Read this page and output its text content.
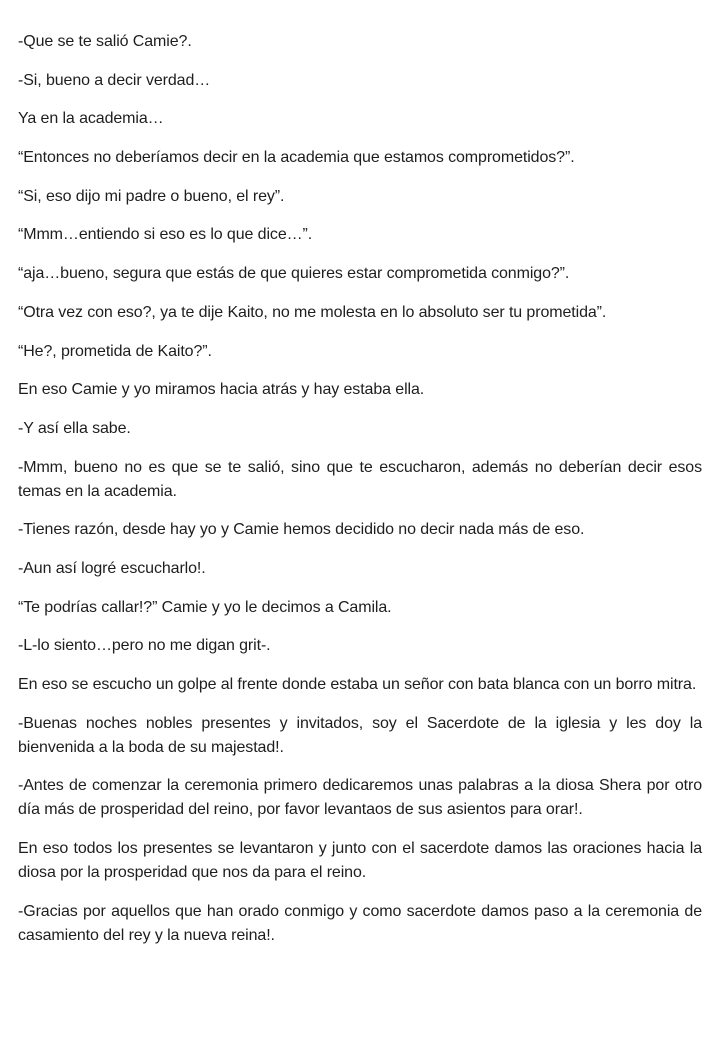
-Que se te salió Camie?.

-Si, bueno a decir verdad…

Ya en la academia…

“Entonces no deberíamos decir en la academia que estamos comprometidos?”.

“Si, eso dijo mi padre o bueno, el rey”.

“Mmm…entiendo si eso es lo que dice…”.

“aja…bueno, segura que estás de que quieres estar comprometida conmigo?”.

“Otra vez con eso?, ya te dije Kaito, no me molesta en lo absoluto ser tu prometida”.

“He?, prometida de Kaito?”.

En eso Camie y yo miramos hacia atrás y hay estaba ella.

-Y así ella sabe.

-Mmm, bueno no es que se te salió, sino que te escucharon, además no deberían decir esos temas en la academia.

-Tienes razón, desde hay yo y Camie hemos decidido no decir nada más de eso.

-Aun así logré escucharlo!.

“Te podrías callar!?” Camie y yo le decimos a Camila.

-L-lo siento…pero no me digan grit-.

En eso se escucho un golpe al frente donde estaba un señor con bata blanca con un borro mitra.

-Buenas noches nobles presentes y invitados, soy el Sacerdote de la iglesia y les doy la bienvenida a la boda de su majestad!.

-Antes de comenzar la ceremonia primero dedicaremos unas palabras a la diosa Shera por otro día más de prosperidad del reino, por favor levantaos de sus asientos para orar!.

En eso todos los presentes se levantaron y junto con el sacerdote damos las oraciones hacia la diosa por la prosperidad que nos da para el reino.

-Gracias por aquellos que han orado conmigo y como sacerdote damos paso a la ceremonia de casamiento del rey y la nueva reina!.
